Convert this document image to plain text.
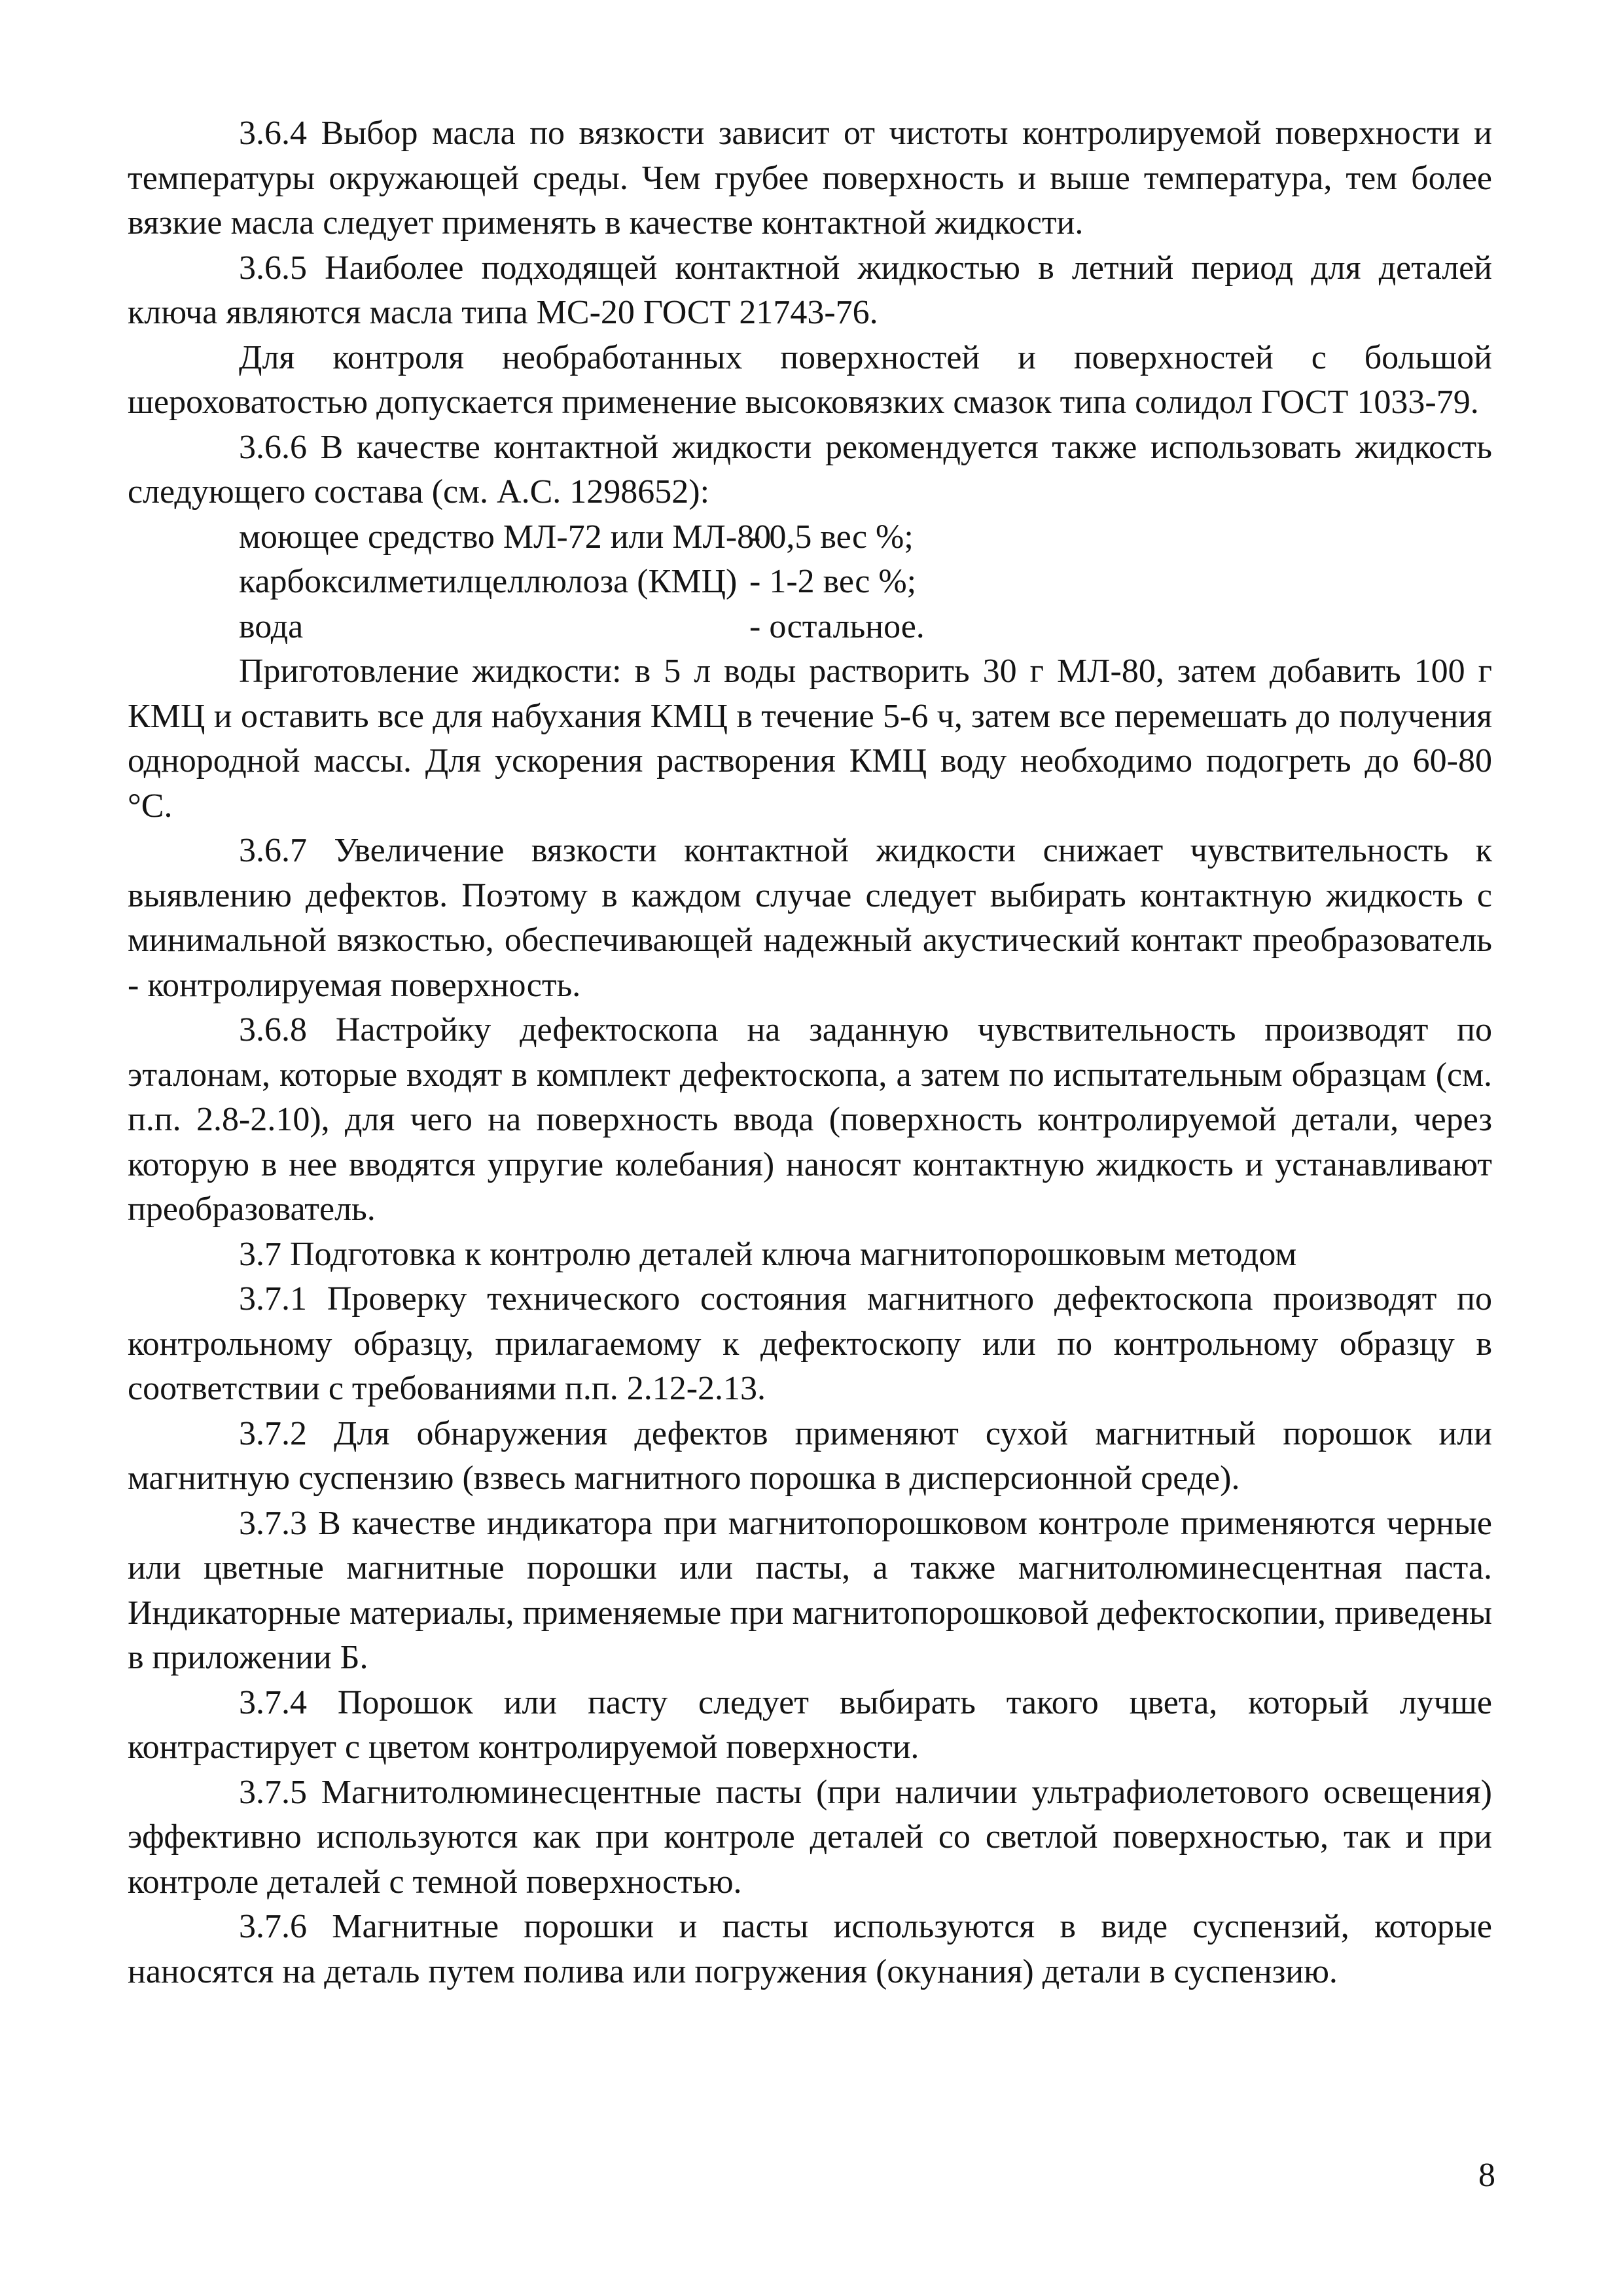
3.6.4 Выбор масла по вязкости зависит от чистоты контролируемой поверхности и температуры окружающей среды. Чем грубее поверхность и выше температура, тем более вязкие масла следует применять в качестве контактной жидкости.

3.6.5 Наиболее подходящей контактной жидкостью в летний период для деталей ключа являются масла типа МС-20 ГОСТ 21743-76.

Для контроля необработанных поверхностей и поверхностей с большой шероховатостью допускается применение высоковязких смазок типа солидол ГОСТ 1033-79.

3.6.6 В качестве контактной жидкости рекомендуется также использовать жидкость следующего состава (см. А.С. 1298652):

моющее средство МЛ-72 или МЛ-80
- 0,5 вес %;
карбоксилметилцеллюлоза (КМЦ) - 1-2 вес %;
вода	- остальное.

Приготовление жидкости: в 5 л воды растворить 30 г МЛ-80, затем добавить 100 г КМЦ и оставить все для набухания КМЦ в течение 5-6 ч, затем все перемешать до получения однородной массы. Для ускорения растворения КМЦ воду необходимо подогреть до 60-80 °С.

3.6.7 Увеличение вязкости контактной жидкости снижает чувствительность к выявлению дефектов. Поэтому в каждом случае следует выбирать контактную жидкость с минимальной вязкостью, обеспечивающей надежный акустический контакт преобразователь - контролируемая поверхность.

3.6.8 Настройку дефектоскопа на заданную чувствительность производят по эталонам, которые входят в комплект дефектоскопа, а затем по испытательным образцам (см. п.п. 2.8-2.10), для чего на поверхность ввода (поверхность контролируемой детали, через которую в нее вводятся упругие колебания) наносят контактную жидкость и устанавливают преобразователь.

3.7 Подготовка к контролю деталей ключа магнитопорошковым методом

3.7.1 Проверку технического состояния магнитного дефектоскопа производят по контрольному образцу, прилагаемому к дефектоскопу или по контрольному образцу в соответствии с требованиями п.п. 2.12-2.13.

3.7.2 Для обнаружения дефектов применяют сухой магнитный порошок или магнитную суспензию (взвесь магнитного порошка в дисперсионной среде).

3.7.3 В качестве индикатора при магнитопорошковом контроле применяются черные или цветные магнитные порошки или пасты, а также магнитолюминесцентная паста. Индикаторные материалы, применяемые при магнитопорошковой дефектоскопии, приведены в приложении Б.

3.7.4 Порошок или пасту следует выбирать такого цвета, который лучше контрастирует с цветом контролируемой поверхности.

3.7.5 Магнитолюминесцентные пасты (при наличии ультрафиолетового освещения) эффективно используются как при контроле деталей со светлой поверхностью, так и при контроле деталей с темной поверхностью.

3.7.6 Магнитные порошки и пасты используются в виде суспензий, которые наносятся на деталь путем полива или погружения (окунания) детали в суспензию.

8
